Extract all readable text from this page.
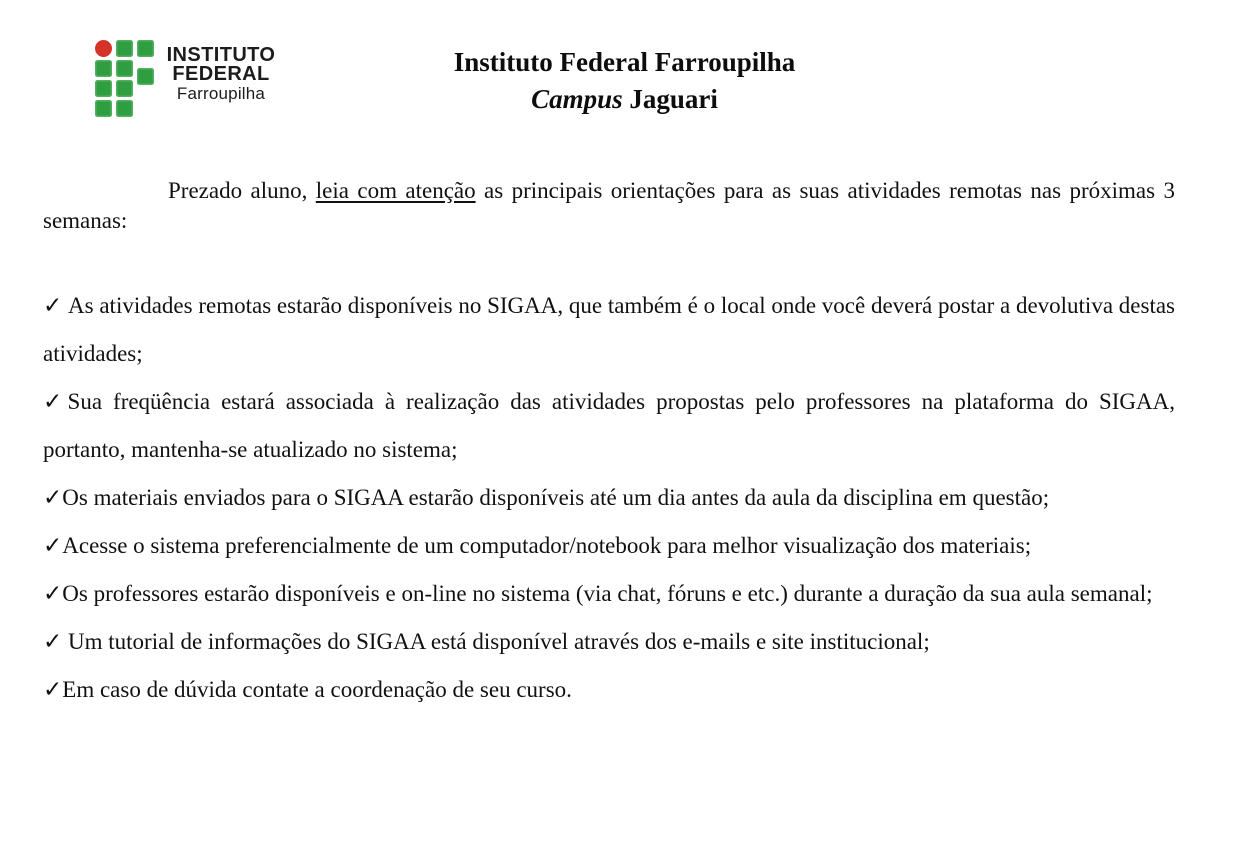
INSTITUTO
FEDERAL
Farroupilha
Instituto Federal Farroupilha
Campus Jaguari

Prezado aluno, leia com atenção as principais orientações para as suas atividades remotas nas próximas 3 semanas:

✓ As atividades remotas estarão disponíveis no SIGAA, que também é o local onde você deverá postar a devolutiva destas atividades;

✓Sua freqüência estará associada à realização das atividades propostas pelo professores na plataforma do SIGAA, portanto, mantenha-se atualizado no sistema;

✓Os materiais enviados para o SIGAA estarão disponíveis até um dia antes da aula da disciplina em questão;

✓Acesse o sistema preferencialmente de um computador/notebook para melhor visualização dos materiais;

✓Os professores estarão disponíveis e on-line no sistema (via chat, fóruns e etc.) durante a duração da sua aula semanal;

✓ Um tutorial de informações do SIGAA está disponível através dos e-mails e site institucional;

✓Em caso de dúvida contate a coordenação de seu curso.
